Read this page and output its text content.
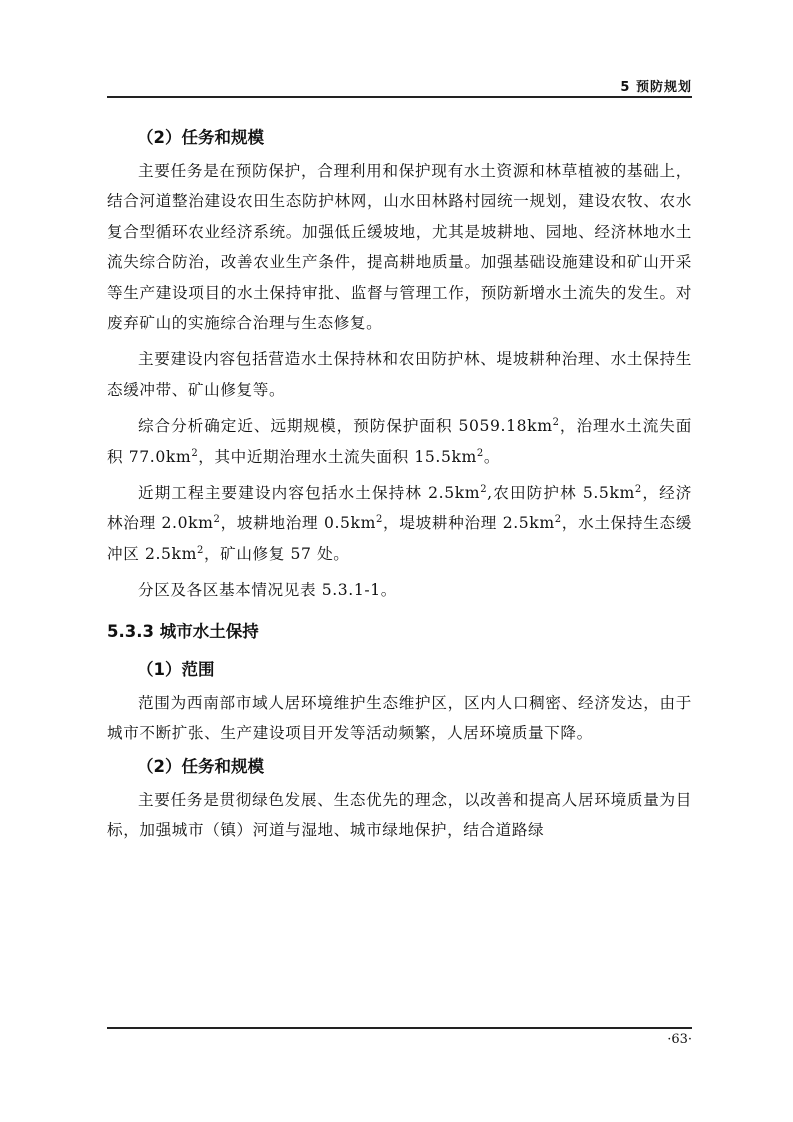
5 预防规划
（2）任务和规模

主要任务是在预防保护，合理利用和保护现有水土资源和林草植被的基础上，结合河道整治建设农田生态防护林网，山水田林路村园统一规划，建设农牧、农水复合型循环农业经济系统。加强低丘缓坡地，尤其是坡耕地、园地、经济林地水土流失综合防治，改善农业生产条件，提高耕地质量。加强基础设施建设和矿山开采等生产建设项目的水土保持审批、监督与管理工作，预防新增水土流失的发生。对废弃矿山的实施综合治理与生态修复。

主要建设内容包括营造水土保持林和农田防护林、堤坡耕种治理、水土保持生态缓冲带、矿山修复等。

综合分析确定近、远期规模，预防保护面积 $5059.18km^2$，治理水土流失面积 $77.0km^2$，其中近期治理水土流失面积 $15.5km^2$。

近期工程主要建设内容包括水土保持林 $2.5km^2$,农田防护林 $5.5km^2$，经济林治理 $2.0km^2$，坡耕地治理 $0.5km^2$，堤坡耕种治理 $2.5km^2$，水土保持生态缓冲区 $2.5km^2$，矿山修复 57 处。

分区及各区基本情况见表 5.3.1-1。

5.3.3 城市水土保持
（1）范围

范围为西南部市域人居环境维护生态维护区，区内人口稠密、经济发达，由于城市不断扩张、生产建设项目开发等活动频繁，人居环境质量下降。

（2）任务和规模

主要任务是贯彻绿色发展、生态优先的理念，以改善和提高人居环境质量为目标，加强城市（镇）河道与湿地、城市绿地保护，结合道路绿

·63·
